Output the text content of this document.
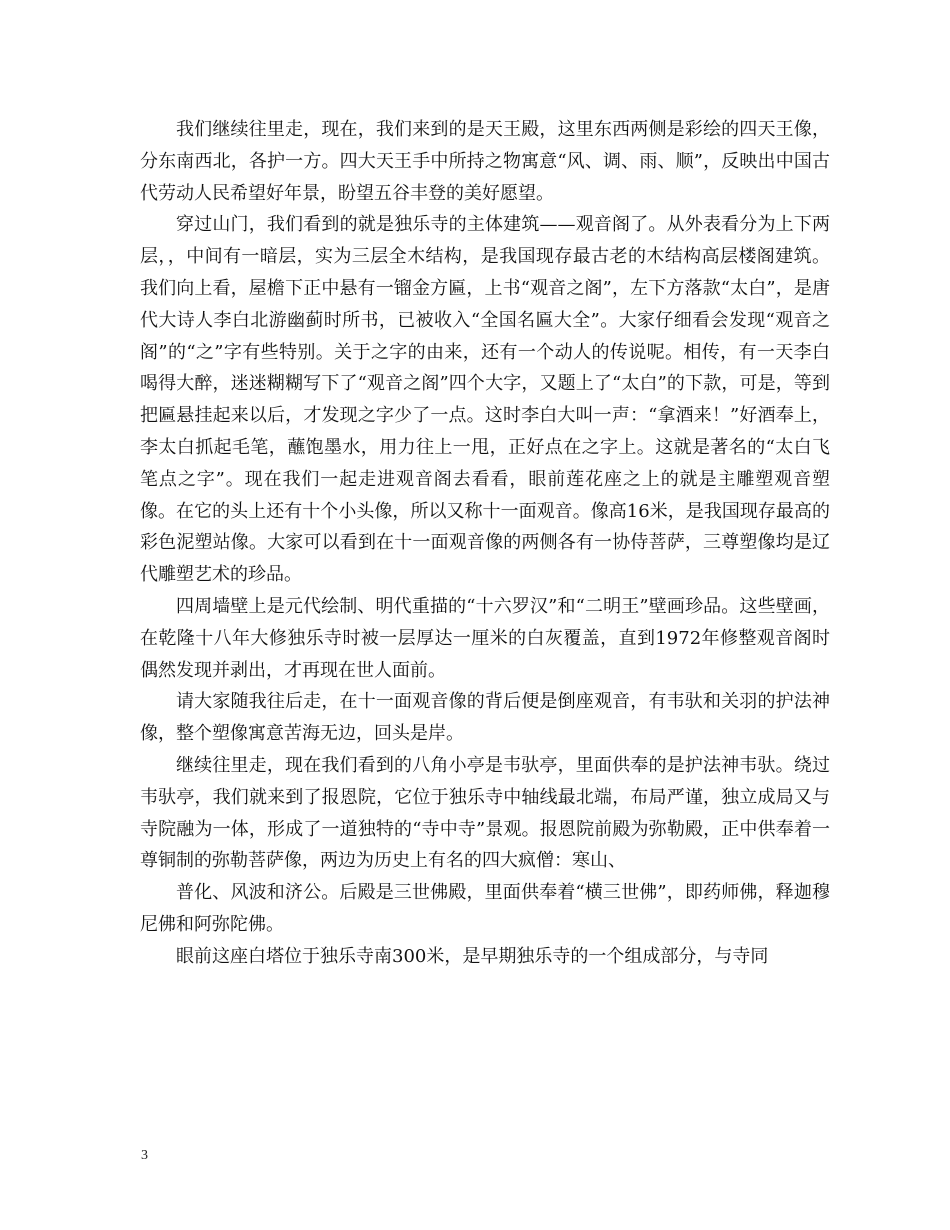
我们继续往里走，现在，我们来到的是天王殿，这里东西两侧是彩绘的四天王像，分东南西北，各护一方。四大天王手中所持之物寓意“风、调、雨、顺”，反映出中国古代劳动人民希望好年景，盼望五谷丰登的美好愿望。

穿过山门，我们看到的就是独乐寺的主体建筑——观音阁了。从外表看分为上下两层，，中间有一暗层，实为三层全木结构，是我国现存最古老的木结构高层楼阁建筑。我们向上看，屋檐下正中悬有一镏金方匾，上书“观音之阁”，左下方落款“太白”，是唐代大诗人李白北游幽蓟时所书，已被收入“全国名匾大全”。大家仔细看会发现“观音之阁”的“之”字有些特别。关于之字的由来，还有一个动人的传说呢。相传，有一天李白喝得大醉，迷迷糊糊写下了“观音之阁”四个大字，又题上了“太白”的下款，可是，等到把匾悬挂起来以后，才发现之字少了一点。这时李白大叫一声：“拿酒来！”好酒奉上，李太白抓起毛笔，蘸饱墨水，用力往上一甩，正好点在之字上。这就是著名的“太白飞笔点之字”。现在我们一起走进观音阁去看看，眼前莲花座之上的就是主雕塑观音塑像。在它的头上还有十个小头像，所以又称十一面观音。像高16米，是我国现存最高的彩色泥塑站像。大家可以看到在十一面观音像的两侧各有一协侍菩萨，三尊塑像均是辽代雕塑艺术的珍品。

四周墙壁上是元代绘制、明代重描的“十六罗汉”和“二明王”壁画珍品。这些壁画，在乾隆十八年大修独乐寺时被一层厚达一厘米的白灰覆盖，直到1972年修整观音阁时偶然发现并剥出，才再现在世人面前。

请大家随我往后走，在十一面观音像的背后便是倒座观音，有韦驮和关羽的护法神像，整个塑像寓意苦海无边，回头是岸。

继续往里走，现在我们看到的八角小亭是韦驮亭，里面供奉的是护法神韦驮。绕过韦驮亭，我们就来到了报恩院，它位于独乐寺中轴线最北端，布局严谨，独立成局又与寺院融为一体，形成了一道独特的“寺中寺”景观。报恩院前殿为弥勒殿，正中供奉着一尊铜制的弥勒菩萨像，两边为历史上有名的四大疯僧：寒山、

普化、风波和济公。后殿是三世佛殿，里面供奉着“横三世佛”，即药师佛，释迦穆尼佛和阿弥陀佛。

眼前这座白塔位于独乐寺南300米，是早期独乐寺的一个组成部分，与寺同

3
